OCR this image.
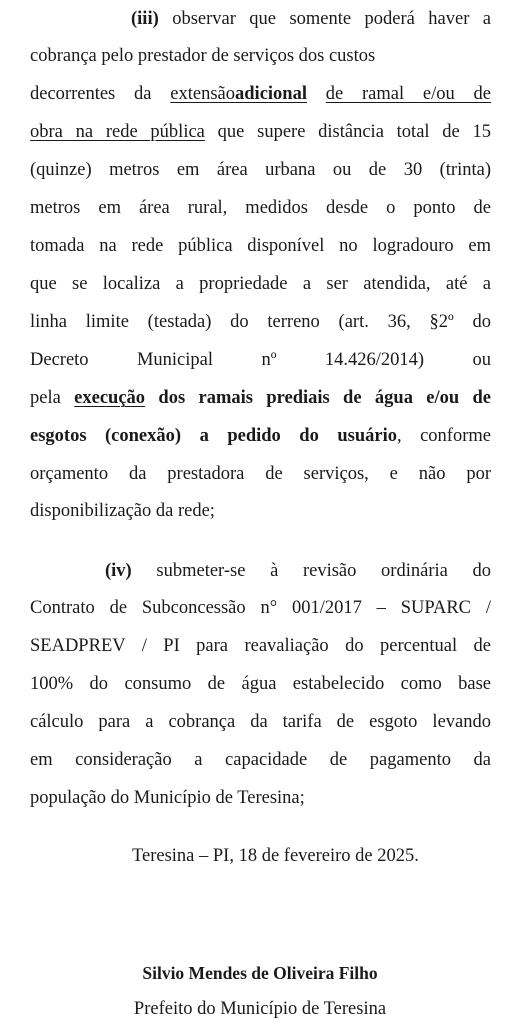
(iii) observar que somente poderá haver a
cobrança pelo prestador de serviços dos custos
decorrentes da extensãoadicional de ramal e/ou de
obra na rede pública que supere distância total de 15
(quinze) metros em área urbana ou de 30 (trinta)
metros em área rural, medidos desde o ponto de
tomada na rede pública disponível no logradouro em
que se localiza a propriedade a ser atendida, até a
linha limite (testada) do terreno (art. 36, §2º do
Decreto	Municipal	nº	14.426/2014)	ou
pela execução dos ramais prediais de água e/ou de
esgotos (conexão) a pedido do usuário, conforme
orçamento da prestadora de serviços, e não por
disponibilização da rede;
(iv) submeter-se à revisão ordinária do
Contrato de Subconcessão n° 001/2017 – SUPARC /
SEADPREV / PI para reavaliação do percentual de
100% do consumo de água estabelecido como base
cálculo para a cobrança da tarifa de esgoto levando
em consideração a capacidade de pagamento da
população do Município de Teresina;
Teresina – PI, 18 de fevereiro de 2025.
Silvio Mendes de Oliveira Filho
Prefeito do Município de Teresina
